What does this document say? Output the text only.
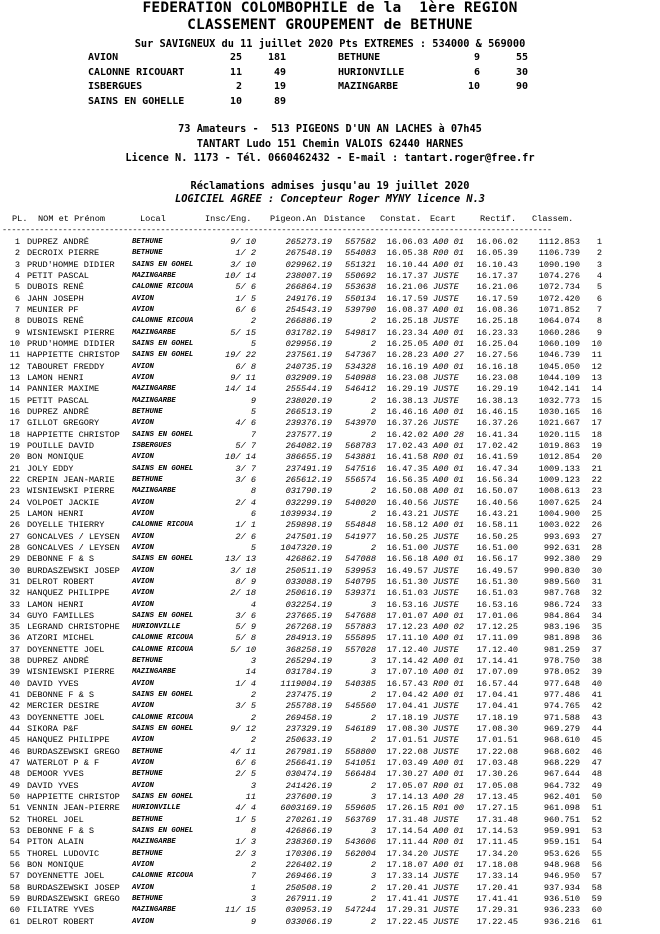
FEDERATION COLOMBOPHILE de la  1ère REGION
CLASSEMENT GROUPEMENT de BETHUNE
Sur SAVIGNEUX du 11 juillet 2020 Pts EXTREMES : 534000 & 569000
AVION	25	181	BETHUNE	9	55
CALONNE RICOUART	11	49	HURIONVILLE	6	30
ISBERGUES	2	19	MAZINGARBE	10	90
SAINS EN GOHELLE	10	89
73 Amateurs -  513 PIGEONS D'UN AN LACHES à 07h45
TANTART Ludo 151 Chemin VALOIS 62440 HARNES
Licence N. 1173 - Tél. 0660462432 - E-mail : tantart.roger@free.fr
Réclamations admises jusqu'au 19 juillet 2020
LOGICIEL AGREE : Concepteur Roger MYNY licence N.3
PL. NOM et Prénom	Local	Insc/Eng. Pigeon.An Distance Constat. Ecart	Rectif. Classem.
----------------------------------------------------------------------------------------------------------------------
1 DUPREZ ANDRÉ	BETHUNE	9/ 10	265273.19	557582	16.06.03 A00 01	16.06.02	1112.853	1
2 DECROIX PIERRE	BETHUNE	1/ 2	267548.19	554083	16.05.38 R00 01	16.05.39	1106.739	2
3 PRUD'HOMME DIDIER SAINS EN GOHEL	3/ 10	029962.19	551321	16.10.44 A00 01	16.10.43	1090.190	3
4 PETIT PASCAL	MAZINGARBE	10/ 14	238007.19	550692	16.17.37 JUSTE	16.17.37	1074.276	4
5 DUBOIS RENÉ	CALONNE RICOUA	5/ 6	266864.19	553638	16.21.06 JUSTE	16.21.06	1072.734	5
6 JAHN JOSEPH	AVION	1/ 5	249176.19	550134	16.17.59 JUSTE	16.17.59	1072.420	6
7 MEUNIER PF	AVION	6/ 6	254543.19	539790	16.08.37 A00 01	16.08.36	1071.852	7
8 DUBOIS RENÉ	CALONNE RICOUA	2	266886.19	2	16.25.18 JUSTE	16.25.18	1064.074	8
9 WISNIEWSKI PIERRE MAZINGARBE	5/ 15	031782.19	549817	16.23.34 A00 01	16.23.33	1060.286	9
10 PRUD'HOMME DIDIER SAINS EN GOHEL	5	029956.19	2	16.25.05 A00 01	16.25.04	1060.109	10
11 HAPPIETTE CHRISTOP SAINS EN GOHEL	19/ 22	237561.19	547367	16.28.23 A00 27	16.27.56	1046.739	11
12 TABOURET FREDDY	AVION	6/ 8	240735.19	534328	16.16.19 A00 01	16.16.18	1045.050	12
13 LAMON HENRI	AVION	9/ 11	032909.19	540988	16.23.08 JUSTE	16.23.08	1044.109	13
14 PANNIER MAXIME	MAZINGARBE	14/ 14	255544.19	546412	16.29.19 JUSTE	16.29.19	1042.141	14
15 PETIT PASCAL	MAZINGARBE	9	238020.19	2	16.38.13 JUSTE	16.38.13	1032.773	15
16 DUPREZ ANDRÉ	BETHUNE	5	266513.19	2	16.46.16 A00 01	16.46.15	1030.165	16
17 GILLOT GREGORY	AVION	4/ 6	239376.19	543970	16.37.26 JUSTE	16.37.26	1021.667	17
18 HAPPIETTE CHRISTOP SAINS EN GOHEL	7	237577.19	2	16.42.02 A00 28	16.41.34	1020.115	18
19 POUILLE DAVID	ISBERGUES	5/ 7	264082.19	568783	17.02.43 A00 01	17.02.42	1019.863	19
20 BON MONIQUE	AVION	10/ 14	386655.19	543881	16.41.58 R00 01	16.41.59	1012.854	20
21 JOLY EDDY	SAINS EN GOHEL	3/ 7	237491.19	547516	16.47.35 A00 01	16.47.34	1009.133	21
22 CREPIN JEAN-MARIE BETHUNE	3/ 6	265612.19	556574	16.56.35 A00 01	16.56.34	1009.123	22
23 WISNIEWSKI PIERRE MAZINGARBE	8	031790.19	2	16.50.08 A00 01	16.50.07	1008.613	23
24 VOLPOET JACKIE	AVION	2/ 4	032299.19	540020	16.40.56 JUSTE	16.40.56	1007.625	24
25 LAMON HENRI	AVION	6	1039934.19	2	16.43.21 JUSTE	16.43.21	1004.900	25
26 DOYELLE THIERRY	CALONNE RICOUA	1/ 1	259898.19	554848	16.58.12 A00 01	16.58.11	1003.022	26
27 GONCALVES / LEYSEN AVION	2/ 6	247501.19	541977	16.50.25 JUSTE	16.50.25	993.693	27
28 GONCALVES / LEYSEN AVION	5	1047320.19	2	16.51.00 JUSTE	16.51.00	992.631	28
29 DEBONNE F & S	SAINS EN GOHEL	13/ 13	426862.19	547088	16.56.18 A00 01	16.56.17	992.380	29
30 BURDASZEWSKI JOSEP AVION	3/ 18	250511.19	539953	16.49.57 JUSTE	16.49.57	990.830	30
31 DELROT ROBERT	AVION	8/ 9	033088.19	540795	16.51.30 JUSTE	16.51.30	989.560	31
32 HANQUEZ PHILIPPE	AVION	2/ 18	250616.19	539371	16.51.03 JUSTE	16.51.03	987.768	32
33 LAMON HENRI	AVION	4	032254.19	3	16.53.16 JUSTE	16.53.16	986.724	33
34 GUYO FAMILLES	SAINS EN GOHEL	3/ 6	237665.19	547688	17.01.07 A00 01	17.01.06	984.864	34
35 LEGRAND CHRISTOPHE HURIONVILLE	5/ 9	267268.19	557883	17.12.23 A00 02	17.12.25	983.196	35
36 ATZORI MICHEL	CALONNE RICOUA	5/ 8	284913.19	555895	17.11.10 A00 01	17.11.09	981.898	36
37 DOYENNETTE JOEL	CALONNE RICOUA	5/ 10	368258.19	557028	17.12.40 JUSTE	17.12.40	981.259	37
38 DUPREZ ANDRÉ	BETHUNE	3	265294.19	3	17.14.42 A00 01	17.14.41	978.750	38
39 WISNIEWSKI PIERRE MAZINGARBE	14	031784.19	3	17.07.10 A00 01	17.07.09	978.052	39
40 DAVID YVES	AVION	1/ 4	1119004.19	540385	16.57.43 R00 01	16.57.44	977.648	40
41 DEBONNE F & S	SAINS EN GOHEL	2	237475.19	2	17.04.42 A00 01	17.04.41	977.486	41
42 MERCIER DESIRE	AVION	3/ 5	255788.19	545560	17.04.41 JUSTE	17.04.41	974.765	42
43 DOYENNETTE JOEL	CALONNE RICOUA	2	269458.19	2	17.18.19 JUSTE	17.18.19	971.588	43
44 SIKORA P&F	SAINS EN GOHEL	9/ 12	237329.19	546189	17.08.30 JUSTE	17.08.30	969.279	44
45 HANQUEZ PHILIPPE	AVION	2	250633.19	2	17.01.51 JUSTE	17.01.51	968.610	45
46 BURDASZEWSKI GREGO BETHUNE	4/ 11	267981.19	558800	17.22.08 JUSTE	17.22.08	968.602	46
47 WATERLOT P & F	AVION	6/ 6	256641.19	541051	17.03.49 A00 01	17.03.48	968.229	47
48 DEMOOR YVES	BETHUNE	2/ 5	030474.19	566484	17.30.27 A00 01	17.30.26	967.644	48
49 DAVID YVES	AVION	3	241426.19	2	17.05.07 R00 01	17.05.08	964.732	49
50 HAPPIETTE CHRISTOP SAINS EN GOHEL	11	237600.19	3	17.14.13 A00 28	17.13.45	962.401	50
51 VENNIN JEAN-PIERRE HURIONVILLE	4/ 4	6003169.19	559605	17.26.15 R01 00	17.27.15	961.098	51
52 THOREL JOEL	BETHUNE	1/ 5	270261.19	563769	17.31.48 JUSTE	17.31.48	960.751	52
53 DEBONNE F & S	SAINS EN GOHEL	8	426866.19	3	17.14.54 A00 01	17.14.53	959.991	53
54 PITON ALAIN	MAZINGARBE	1/ 3	238360.19	543606	17.11.44 R00 01	17.11.45	959.151	54
55 THOREL LUDOVIC	BETHUNE	2/ 3	170306.19	562004	17.34.20 JUSTE	17.34.20	953.626	55
56 BON MONIQUE	AVION	2	226402.19	2	17.18.07 A00 01	17.18.08	948.968	56
57 DOYENNETTE JOEL	CALONNE RICOUA	7	269466.19	3	17.33.14 JUSTE	17.33.14	946.950	57
58 BURDASZEWSKI JOSEP AVION	1	250508.19	2	17.20.41 JUSTE	17.20.41	937.934	58
59 BURDASZEWSKI GREGO BETHUNE	3	267911.19	2	17.41.41 JUSTE	17.41.41	936.510	59
60 FILIATRE YVES	MAZINGARBE	11/ 15	030953.19	547244	17.29.31 JUSTE	17.29.31	936.233	60
61 DELROT ROBERT	AVION	9	033066.19	2	17.22.45 JUSTE	17.22.45	936.216	61
